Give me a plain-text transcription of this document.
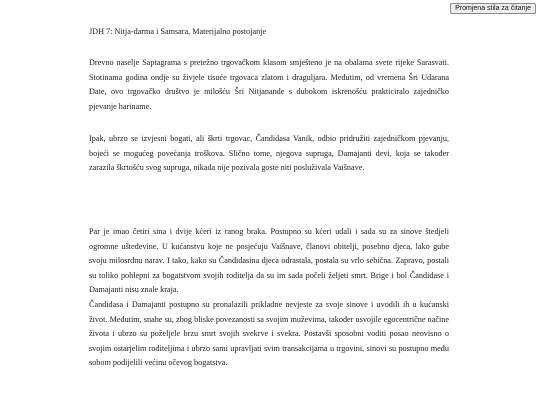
Promjena stila za čitanje
JDH 7: Nitja-darma i Samsara, Materijalno postojanje

Drevno naselje Saptagrama s pretežno trgovačkom klasom smješteno je na obalama svete rijeke Sarasvati. Stotinama godina ondje su živjele tisuće trgovaca zlatom i draguljara. Međutim, od vremena Šri Udarana Date, ovo trgovačko društvo je milošću Šri Nitjanande s dubokom iskrenošću prakticiralo zajedničko pjevanje hariname.

Ipak, ubrzo se izvjesni bogati, ali škrti trgovac, Čandidasa Vanik, odbio pridružiti zajedničkom pjevanju, bojeći se mogućeg povećanja troškova. Slično tome, njegova supruga, Damajanti devi, koja se također zarazila škrtošću svog supruga, nikada nije pozivala goste niti posluživala Vaišnave.

Par je imao četiri sina i dvije kćeri iz ranog braka. Postupno su kćeri udali i sada su za sinove štedjeli ogromne uštedevine. U kućanstvu koje ne posjećuju Vaišnave, članovi obitelji, posebno djeca, lako gube svoju milosrdnu narav. I tako, kako su Čandidasina djeca odrastala, postala su vrlo sebična. Zapravo, postali su toliko pohlepni za bogatstvom svojih roditelja da su im sada počeli željeti smrt. Brige i bol Čandidase i Damajanti nisu znale kraja.

Čandidasa i Damajanti postupno su pronalazili prikladne nevjeste za svoje sinove i uvodili ih u kućanski život. Međutim, snahe su, zbog bliske povezanosti sa svojim muževima, također usvojile egocentrične načine života i ubrzo su poželjele brzu smrt svojih svekrve i svekra. Postavši sposobni voditi posao neovisno o svojim ostarjelim roditeljima i ubrzo sami upravljati svim transakcijama u trgovini, sinovi su postupno među sobom podijelili većinu očevog bogatstva.
